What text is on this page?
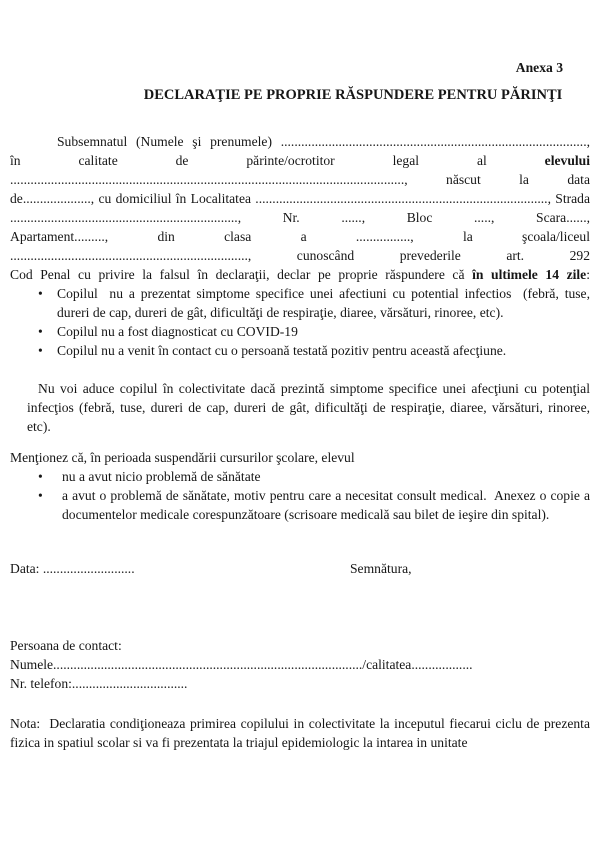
Anexa 3
DECLARAŢIE PE PROPRIE RĂSPUNDERE PENTRU PĂRINŢI
Subsemnatul (Numele şi prenumele) ..........................................................................................,
în calitate de părinte/ocrotitor legal al elevului
...................................................................................................................., născut la data
de...................., cu domiciliul în Localitatea ......................................................................................, Strada
..................................................................., Nr. ......, Bloc ....., Scara......,
Apartament........., din clasa a ................, la şcoala/liceul
......................................................................, cunoscând prevederile art. 292
Cod Penal cu privire la falsul în declaraţii, declar pe proprie răspundere că în ultimele 14 zile:
• Copilul  nu a prezentat simptome specifice unei afectiuni cu potential infectios  (febră, tuse, dureri de cap, dureri de gât, dificultăţi de respiraţie, diaree, vărsături, rinoree, etc).
• Copilul nu a fost diagnosticat cu COVID-19
• Copilul nu a venit în contact cu o persoană testată pozitiv pentru această afecţiune.
Nu voi aduce copilul în colectivitate dacă prezintă simptome specifice unei afecţiuni cu potenţial infecţios (febră, tuse, dureri de cap, dureri de gât, dificultăţi de respiraţie, diaree, vărsături, rinoree, etc).
Menţionez că, în perioada suspendării cursurilor şcolare, elevul
• nu a avut nicio problemă de sănătate
• a avut o problemă de sănătate, motiv pentru care a necesitat consult medical.  Anexez o copie a documentelor medicale corespunzătoare (scrisoare medicală sau bilet de ieşire din spital).
Data: ...........................	Semnătura,
Persoana de contact:
Numele.........................................................................................../calitatea..................
Nr. telefon:..................................
Nota:  Declaratia condiţioneaza primirea copilului in colectivitate la inceputul fiecarui ciclu de prezenta fizica in spatiul scolar si va fi prezentata la triajul epidemiologic la intarea in unitate
